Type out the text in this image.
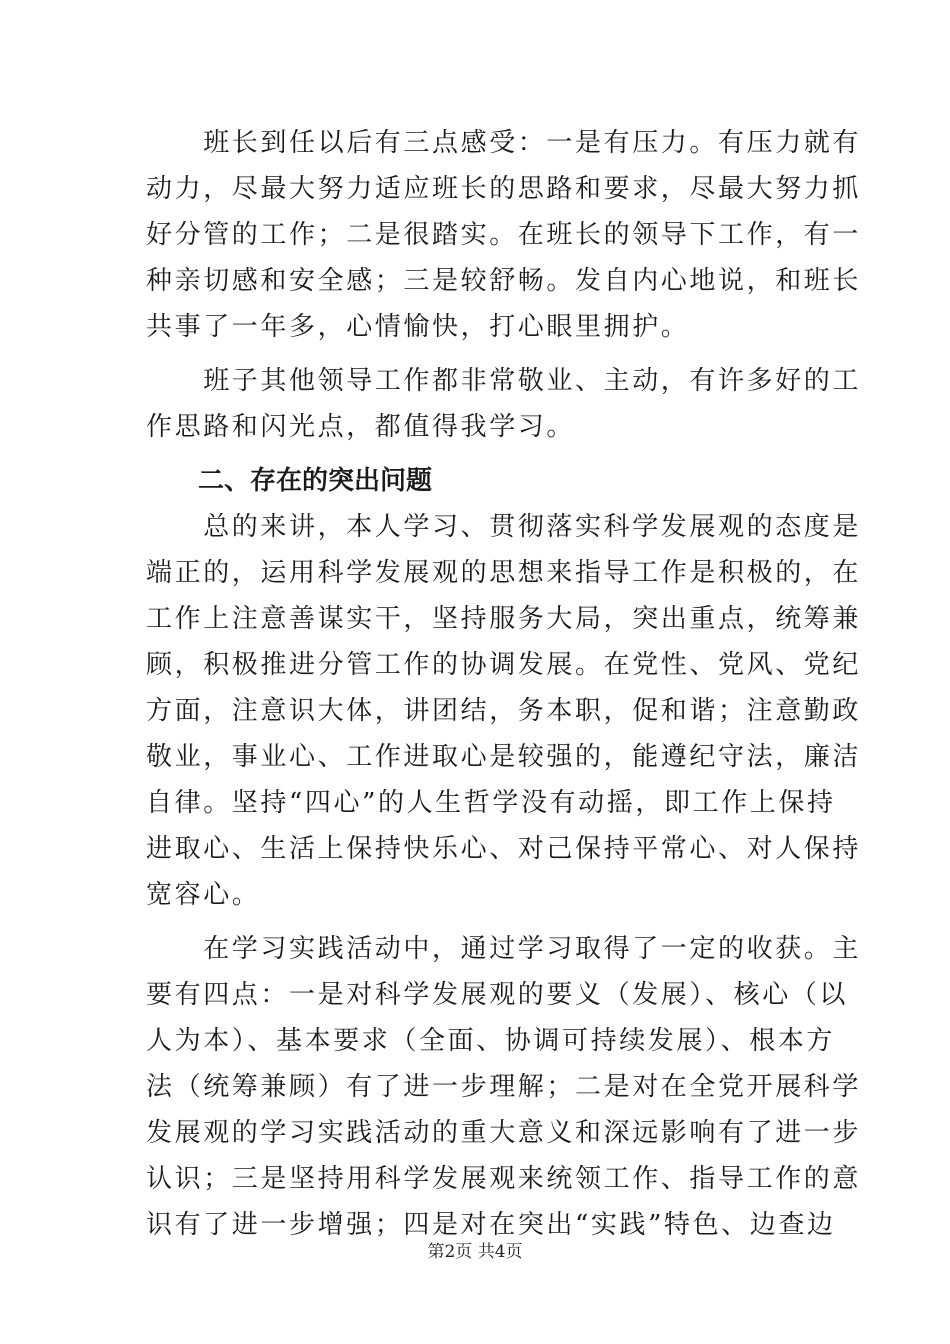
　　班长到任以后有三点感受：一是有压力。有压力就有
动力，尽最大努力适应班长的思路和要求，尽最大努力抓
好分管的工作；二是很踏实。在班长的领导下工作，有一
种亲切感和安全感；三是较舒畅。发自内心地说，和班长
共事了一年多，心情愉快，打心眼里拥护。
　　班子其他领导工作都非常敬业、主动，有许多好的工
作思路和闪光点，都值得我学习。
　　二、存在的突出问题
　　总的来讲，本人学习、贯彻落实科学发展观的态度是
端正的，运用科学发展观的思想来指导工作是积极的，在
工作上注意善谋实干，坚持服务大局，突出重点，统筹兼
顾，积极推进分管工作的协调发展。在党性、党风、党纪
方面，注意识大体，讲团结，务本职，促和谐；注意勤政
敬业，事业心、工作进取心是较强的，能遵纪守法，廉洁
自律。坚持“四心”的人生哲学没有动摇，即工作上保持
进取心、生活上保持快乐心、对己保持平常心、对人保持
宽容心。
　　在学习实践活动中，通过学习取得了一定的收获。主
要有四点：一是对科学发展观的要义（发展）、核心（以
人为本）、基本要求（全面、协调可持续发展）、根本方
法（统筹兼顾）有了进一步理解；二是对在全党开展科学
发展观的学习实践活动的重大意义和深远影响有了进一步
认识；三是坚持用科学发展观来统领工作、指导工作的意
识有了进一步增强；四是对在突出“实践”特色、边查边
第2页 共4页
